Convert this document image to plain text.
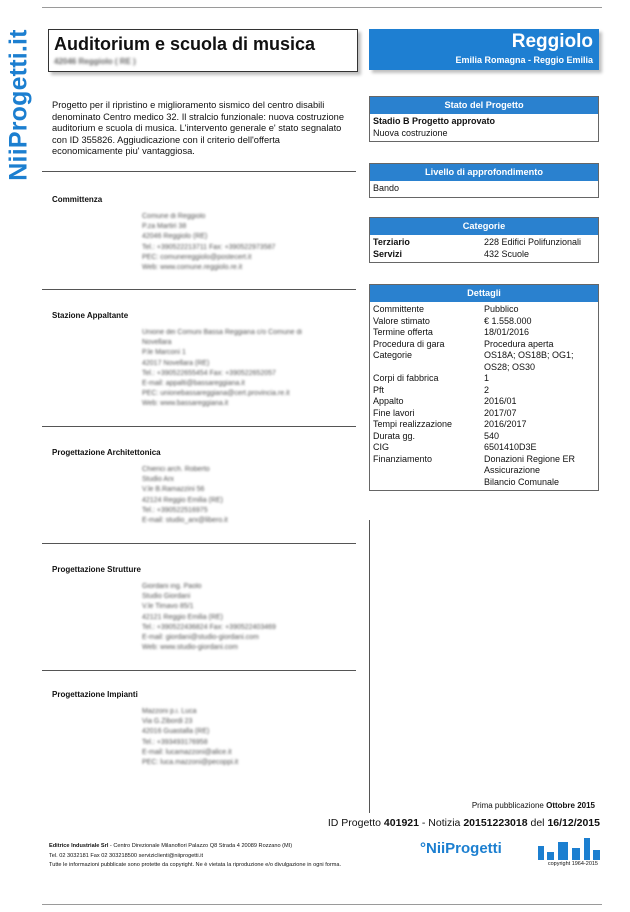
NiiProgetti.it Auditorium e scuola di musica
42046 Reggiolo ( RE )
Reggiolo
Emilia Romagna - Reggio Emilia
Progetto per il ripristino e miglioramento sismico del centro disabili denominato Centro medico 32. Il stralcio funzionale: nuova costruzione auditorium e scuola di musica. L'intervento generale e' stato segnalato con ID 355826. Aggiudicazione con il criterio dell'offerta economicamente piu' vantaggiosa.
Committenza
Comune di Reggiolo
P.za Martiri 38
42046 Reggiolo (RE)
Tel.: +390522213711 Fax: +390522973587
PEC: comunereggiolo@postecert.it
Web: www.comune.reggiolo.re.it
Stazione Appaltante
Unione dei Comuni Bassa Reggiana c/o Comune di
Novellara
P.le Marconi 1
42017 Novellara (RE)
Tel.: +390522655454 Fax: +390522652057
E-mail: appalti@bassareggiana.it
PEC: unionebassareggiana@cert.provincia.re.it
Web: www.bassareggiana.it
Progettazione Architettonica
Chierici arch. Roberto
Studio Arx
V.le B.Ramazzini 56
42124 Reggio Emilia (RE)
Tel.: +390522516975
E-mail: studio_arx@libero.it
Progettazione Strutture
Giordani ing. Paolo
Studio Giordani
V.le Timavo 85/1
42121 Reggio Emilia (RE)
Tel.: +390522436824 Fax: +390522403469
E-mail: giordani@studio-giordani.com
Web: www.studio-giordani.com
Progettazione Impianti
Mazzoni p.i. Luca
Via G.Zibordi 23
42016 Guastalla (RE)
Tel.: +393493176958
E-mail: lucamazzoni@alice.it
PEC: luca.mazzoni@pecoppi.it
Stato del Progetto
Stadio B Progetto approvato
Nuova costruzione
Livello di approfondimento
Bando
Categorie
Terziario	228 Edifici Polifunzionali
Servizi	432 Scuole
Dettagli
Committente	Pubblico
Valore stimato	€ 1.558.000
Termine offerta	18/01/2016
Procedura di gara	Procedura aperta
Categorie	OS18A; OS18B; OG1;
OS28; OS30
Corpi di fabbrica	1
Pft	2
Appalto	2016/01
Fine lavori	2017/07
Tempi realizzazione	2016/2017
Durata gg.	540
CIG	6501410D3E
Finanziamento	Donazioni Regione ER
Assicurazione
Bilancio Comunale
Prima pubblicazione Ottobre 2015
ID Progetto 401921 - Notizia 20151223018 del 16/12/2015
Editrice Industriale Srl - Centro Direzionale Milanofiori Palazzo Q8 Strada 4 20089 Rozzano (MI)
Tel. 02 3032181 Fax 02 303218500 serviziclienti@niiprogetti.it
Tutte le informazioni pubblicate sono protette da copyright. Ne è vietata la riproduzione e/o divulgazione in ogni forma.
°NiiProgetti
copyright 1964-2015
